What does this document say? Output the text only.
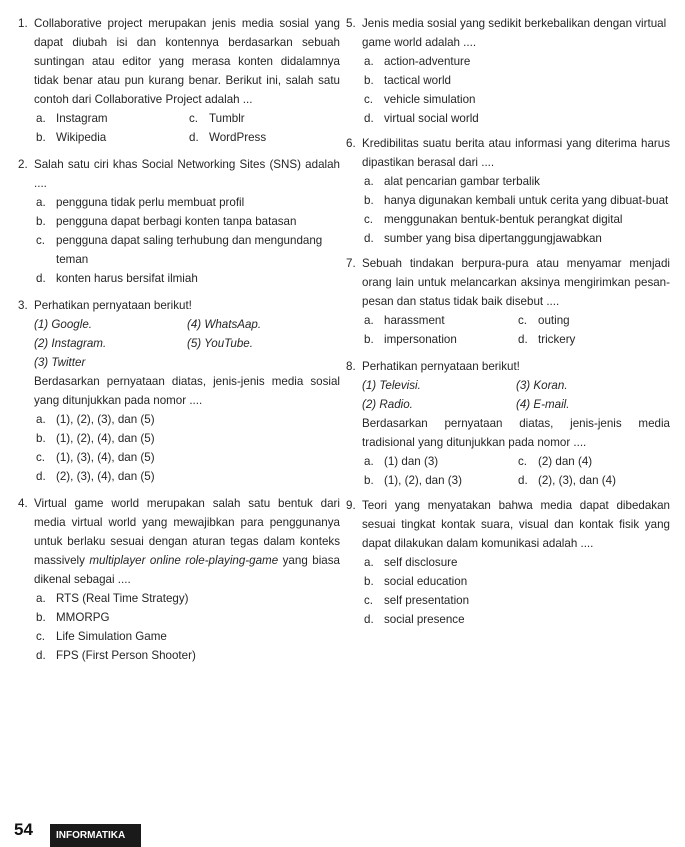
1. Collaborative project merupakan jenis media sosial yang dapat diubah isi dan kontennya berdasarkan sebuah suntingan atau editor yang merasa konten didalamnya tidak benar atau pun kurang benar. Berikut ini, salah satu contoh dari Collaborative Project adalah ...
a. Instagram	c. Tumblr
b. Wikipedia	d. WordPress
2. Salah satu ciri khas Social Networking Sites (SNS) adalah ....
a. pengguna tidak perlu membuat profil
b. pengguna dapat berbagi konten tanpa batasan
c. pengguna dapat saling terhubung dan mengundang teman
d. konten harus bersifat ilmiah
3. Perhatikan pernyataan berikut!
(1) Google.	(4) WhatsAap.
(2) Instagram.	(5) YouTube.
(3) Twitter
Berdasarkan pernyataan diatas, jenis-jenis media sosial yang ditunjukkan pada nomor ....
a. (1), (2), (3), dan (5)
b. (1), (2), (4), dan (5)
c. (1), (3), (4), dan (5)
d. (2), (3), (4), dan (5)
4. Virtual game world merupakan salah satu bentuk dari media virtual world yang mewajibkan para penggunanya untuk berlaku sesuai dengan aturan tegas dalam konteks massively multiplayer online role-playing-game yang biasa dikenal sebagai ....
a. RTS (Real Time Strategy)
b. MMORPG
c. Life Simulation Game
d. FPS (First Person Shooter)
5. Jenis media sosial yang sedikit berkebalikan dengan virtual game world adalah ....
a. action-adventure
b. tactical world
c. vehicle simulation
d. virtual social world
6. Kredibilitas suatu berita atau informasi yang diterima harus dipastikan berasal dari ....
a. alat pencarian gambar terbalik
b. hanya digunakan kembali untuk cerita yang dibuat-buat
c. menggunakan bentuk-bentuk perangkat digital
d. sumber yang bisa dipertanggungjawabkan
7. Sebuah tindakan berpura-pura atau menyamar menjadi orang lain untuk melancarkan aksinya mengirimkan pesan-pesan dan status tidak baik disebut ....
a. harassment	c. outing
b. impersonation	d. trickery
8. Perhatikan pernyataan berikut!
(1) Televisi.	(3) Koran.
(2) Radio.	(4) E-mail.
Berdasarkan pernyataan diatas, jenis-jenis media tradisional yang ditunjukkan pada nomor ....
a. (1) dan (3)	c. (2) dan (4)
b. (1), (2), dan (3)	d. (2), (3), dan (4)
9. Teori yang menyatakan bahwa media dapat dibedakan sesuai tingkat kontak suara, visual dan kontak fisik yang dapat dilakukan dalam komunikasi adalah ....
a. self disclosure
b. social education
c. self presentation
d. social presence
54	INFORMATIKA
